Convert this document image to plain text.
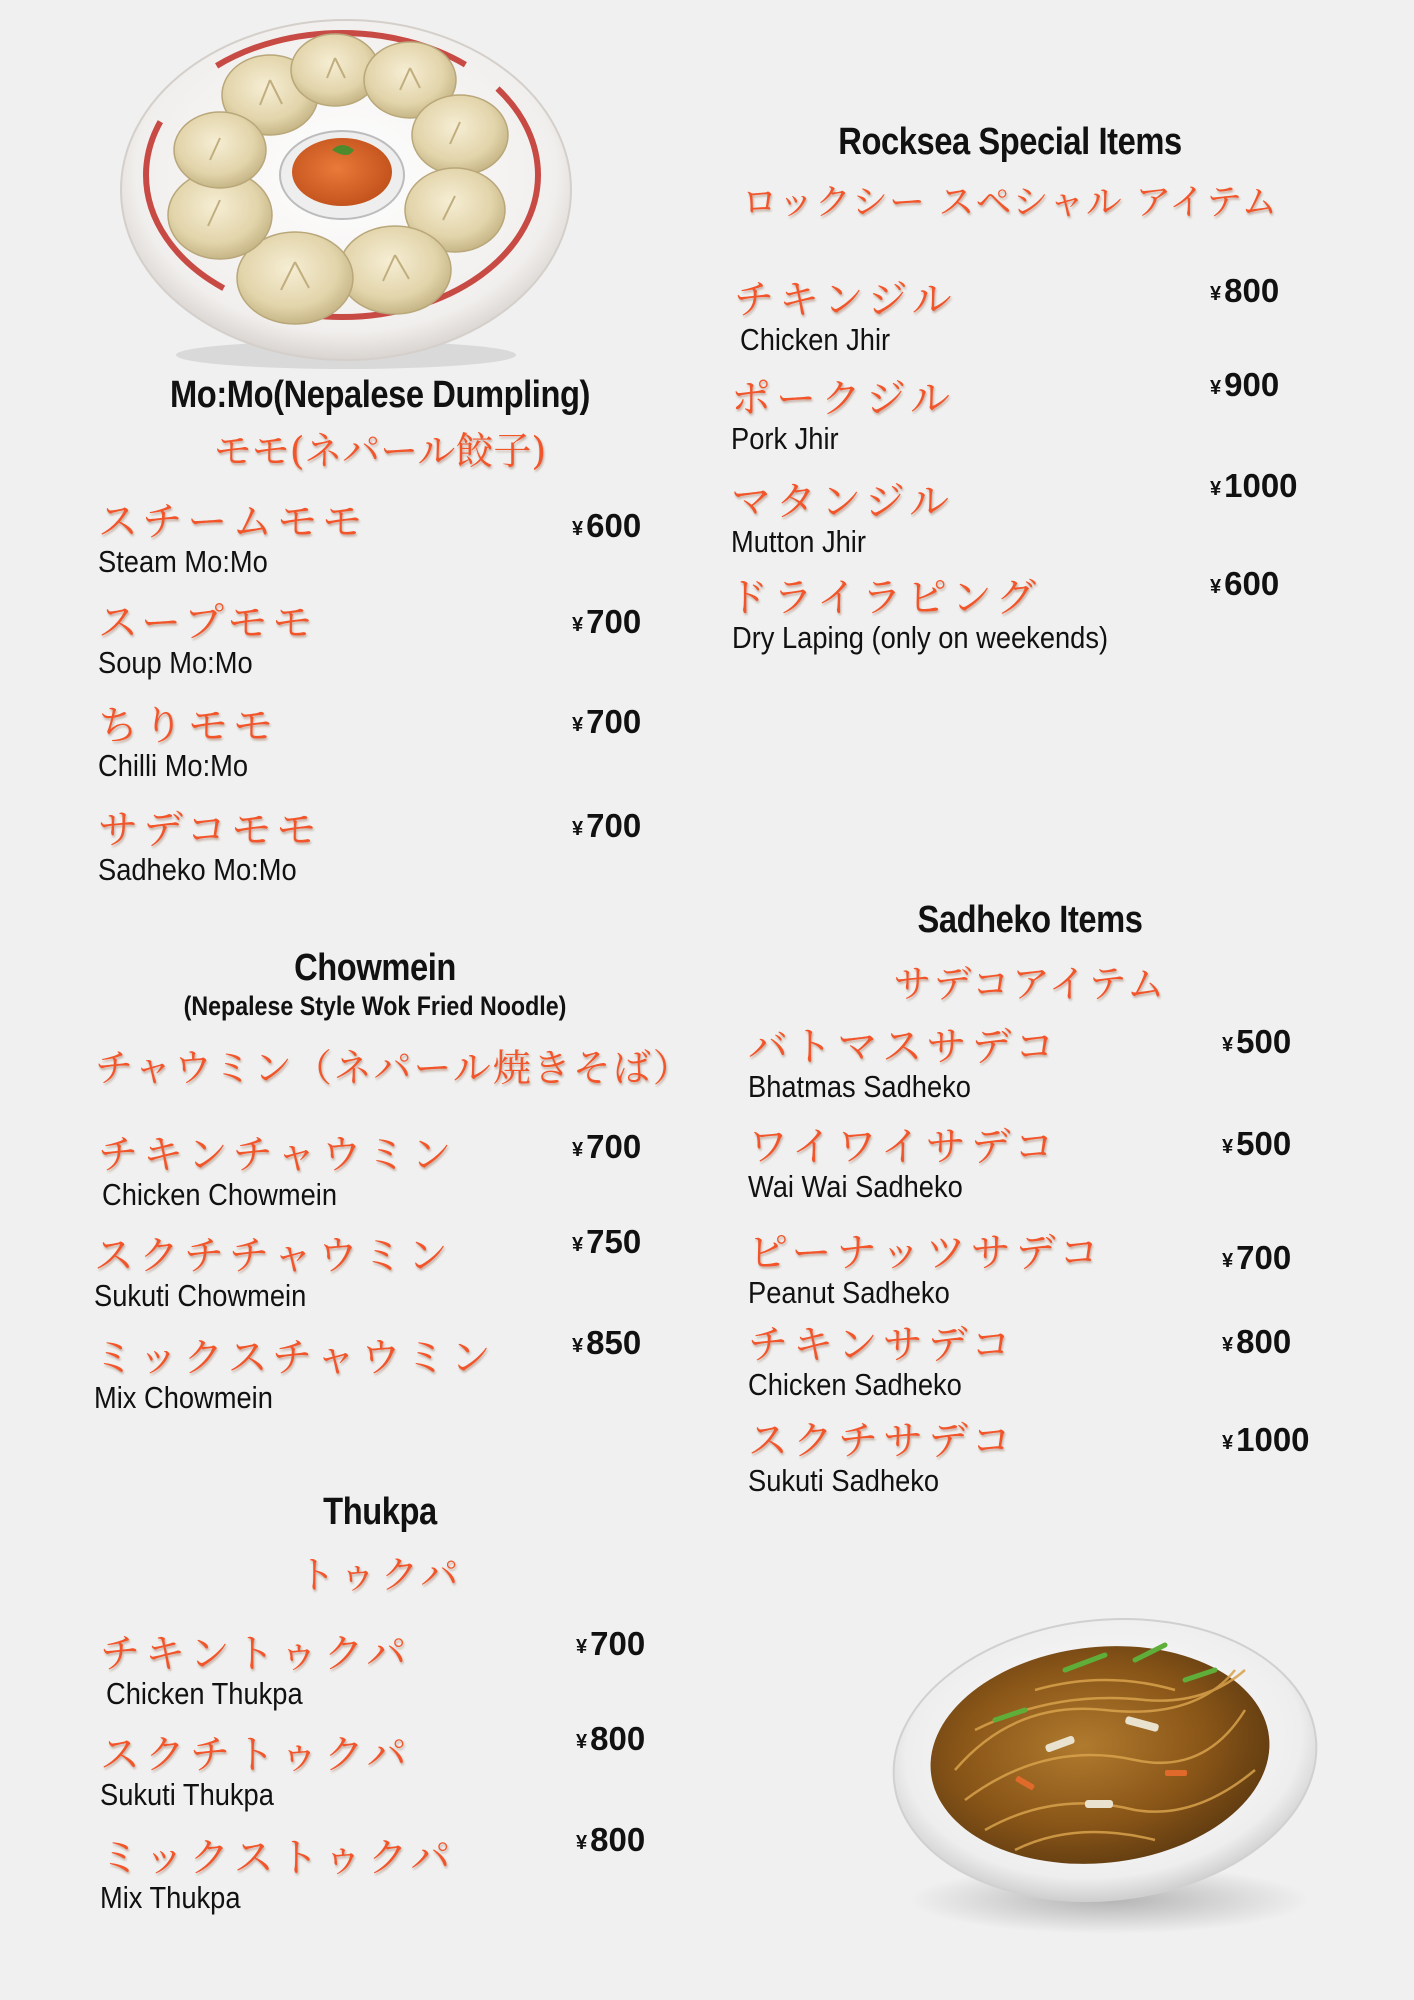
Mo:Mo(Nepalese Dumpling)
モモ(ネパール餃子)
スチームモモ
Steam Mo:Mo
¥600
スープモモ
Soup Mo:Mo
¥700
ちりモモ
Chilli Mo:Mo
¥700
サデコモモ
Sadheko Mo:Mo
¥700
Chowmein
(Nepalese Style Wok Fried Noodle)
チャウミン（ネパール焼きそば）
チキンチャウミン
Chicken Chowmein
¥700
スクチチャウミン
Sukuti Chowmein
¥750
ミックスチャウミン
Mix Chowmein
¥850
Thukpa
トゥクパ
チキントゥクパ
Chicken Thukpa
¥700
スクチトゥクパ
Sukuti Thukpa
¥800
ミックストゥクパ
Mix Thukpa
¥800
Rocksea Special Items
ロックシー スペシャル アイテム
チキンジル
Chicken Jhir
¥800
ポークジル
Pork Jhir
¥900
マタンジル
Mutton Jhir
¥1000
ドライラピング
Dry Laping (only on weekends)
¥600
Sadheko Items
サデコアイテム
バトマスサデコ
Bhatmas Sadheko
¥500
ワイワイサデコ
Wai Wai Sadheko
¥500
ピーナッツサデコ
Peanut Sadheko
¥700
チキンサデコ
Chicken Sadheko
¥800
スクチサデコ
Sukuti Sadheko
¥1000
